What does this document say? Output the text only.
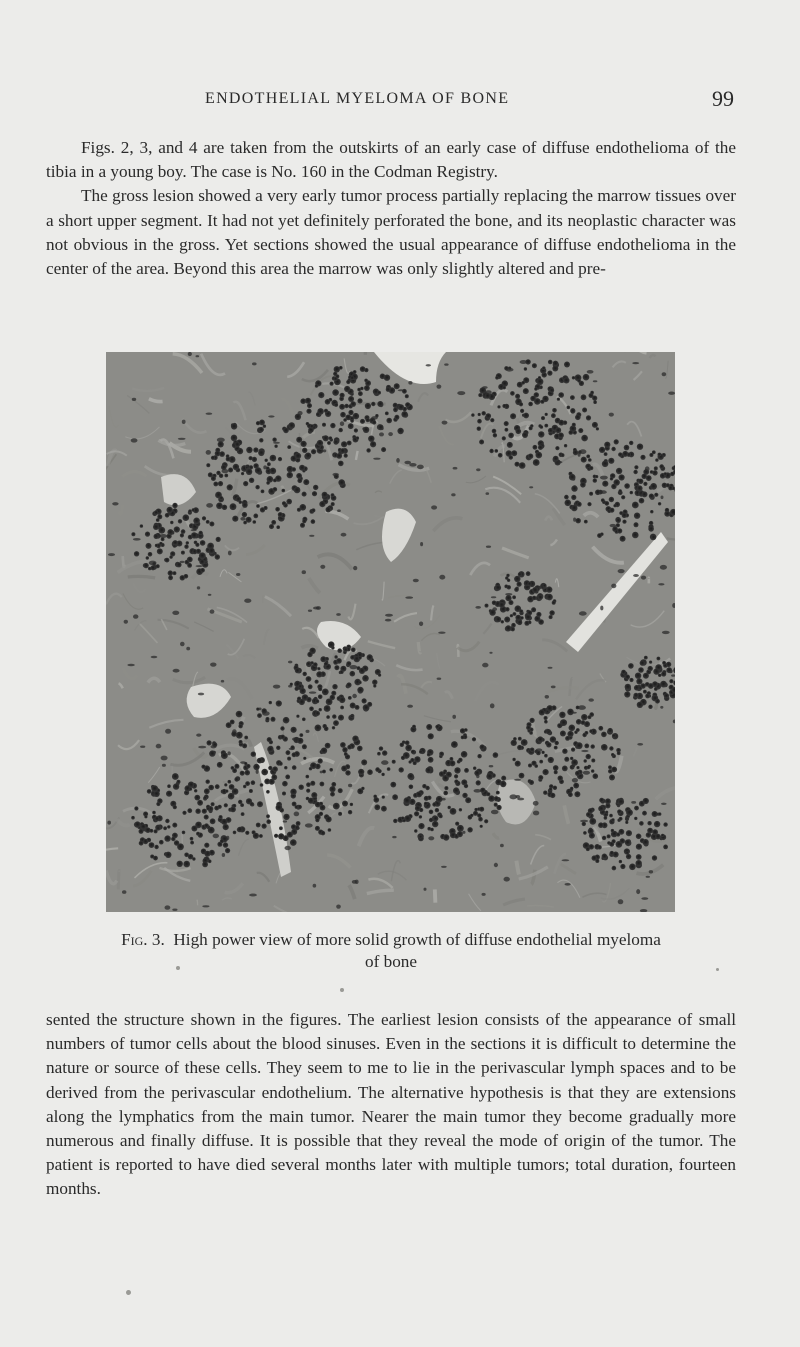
ENDOTHELIAL MYELOMA OF BONE	99

Figs. 2, 3, and 4 are taken from the outskirts of an early case of diffuse endothelioma of the tibia in a young boy. The case is No. 160 in the Codman Registry.

The gross lesion showed a very early tumor process partially replacing the marrow tissues over a short upper segment. It had not yet definitely perforated the bone, and its neoplastic character was not obvious in the gross. Yet sections showed the usual appearance of diffuse endothelioma in the center of the area. Beyond this area the marrow was only slightly altered and pre-

Fig. 3. High power view of more solid growth of diffuse endothelial myeloma
of bone

sented the structure shown in the figures. The earliest lesion consists of the appearance of small numbers of tumor cells about the blood sinuses. Even in the sections it is difficult to determine the nature or source of these cells. They seem to me to lie in the perivascular lymph spaces and to be derived from the perivascular endothelium. The alternative hypothesis is that they are extensions along the lymphatics from the main tumor. Nearer the main tumor they become gradually more numerous and finally diffuse. It is possible that they reveal the mode of origin of the tumor. The patient is reported to have died several months later with multiple tumors; total duration, fourteen months.
